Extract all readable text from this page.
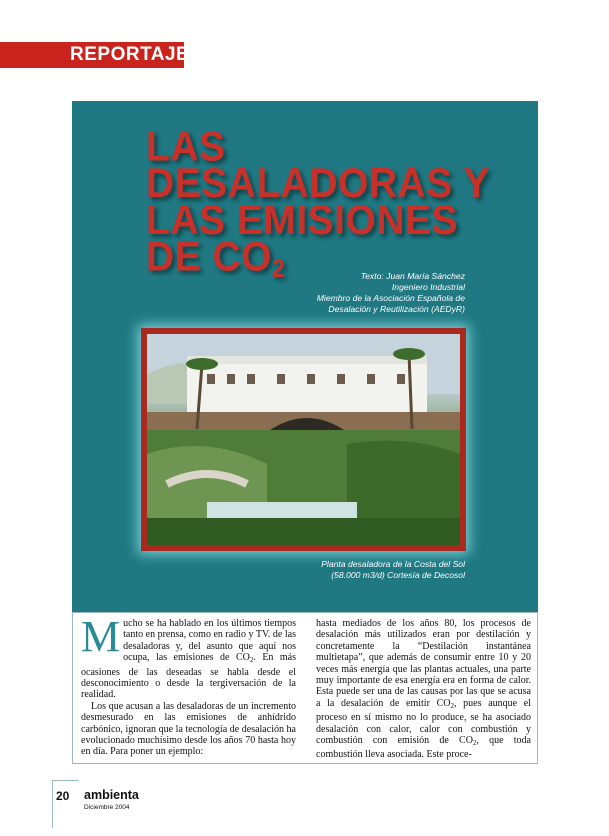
REPORTAJE
LAS
DESALADORAS Y
LAS EMISIONES
DE $CO_2$	Texto: Juan María Sánchez
Ingeniero Industrial
Miembro de la Asociación Española de
Desalación y Reutilización (AEDyR)
Planta desaladora de la Costa del Sol
(58.000 m3/d) Cortesía de Decosol

Mucho se ha hablado en los últimos tiempos tanto en prensa, como en radio y TV. de las desaladoras y, del asunto que aquí nos ocupa, las emisiones de $CO_2$. En más ocasiones de las deseadas se habla desde el desconocimiento o desde la tergiversación de la realidad.

Los que acusan a las desaladoras de un incremento desmesurado en las emisiones de anhídrido carbónico, ignoran que la tecnología de desalación ha evolucionado muchísimo desde los años 70 hasta hoy en día. Para poner un ejemplo:

hasta mediados de los años 80, los procesos de desalación más utilizados eran por destilación y concretamente la “Destilación instantánea multietapa”, que además de consumir entre 10 y 20 veces más energía que las plantas actuales, una parte muy importante de esa energía era en forma de calor. Esta puede ser una de las causas por las que se acusa a la desalación de emitir $CO_2$, pues aunque el proceso en sí mismo no lo produce, se ha asociado desalación con calor, calor con combustión y combustión con emisión de $CO_2$, que toda combustión lleva asociada. Este proce-

20 ambienta
Diciembre 2004
